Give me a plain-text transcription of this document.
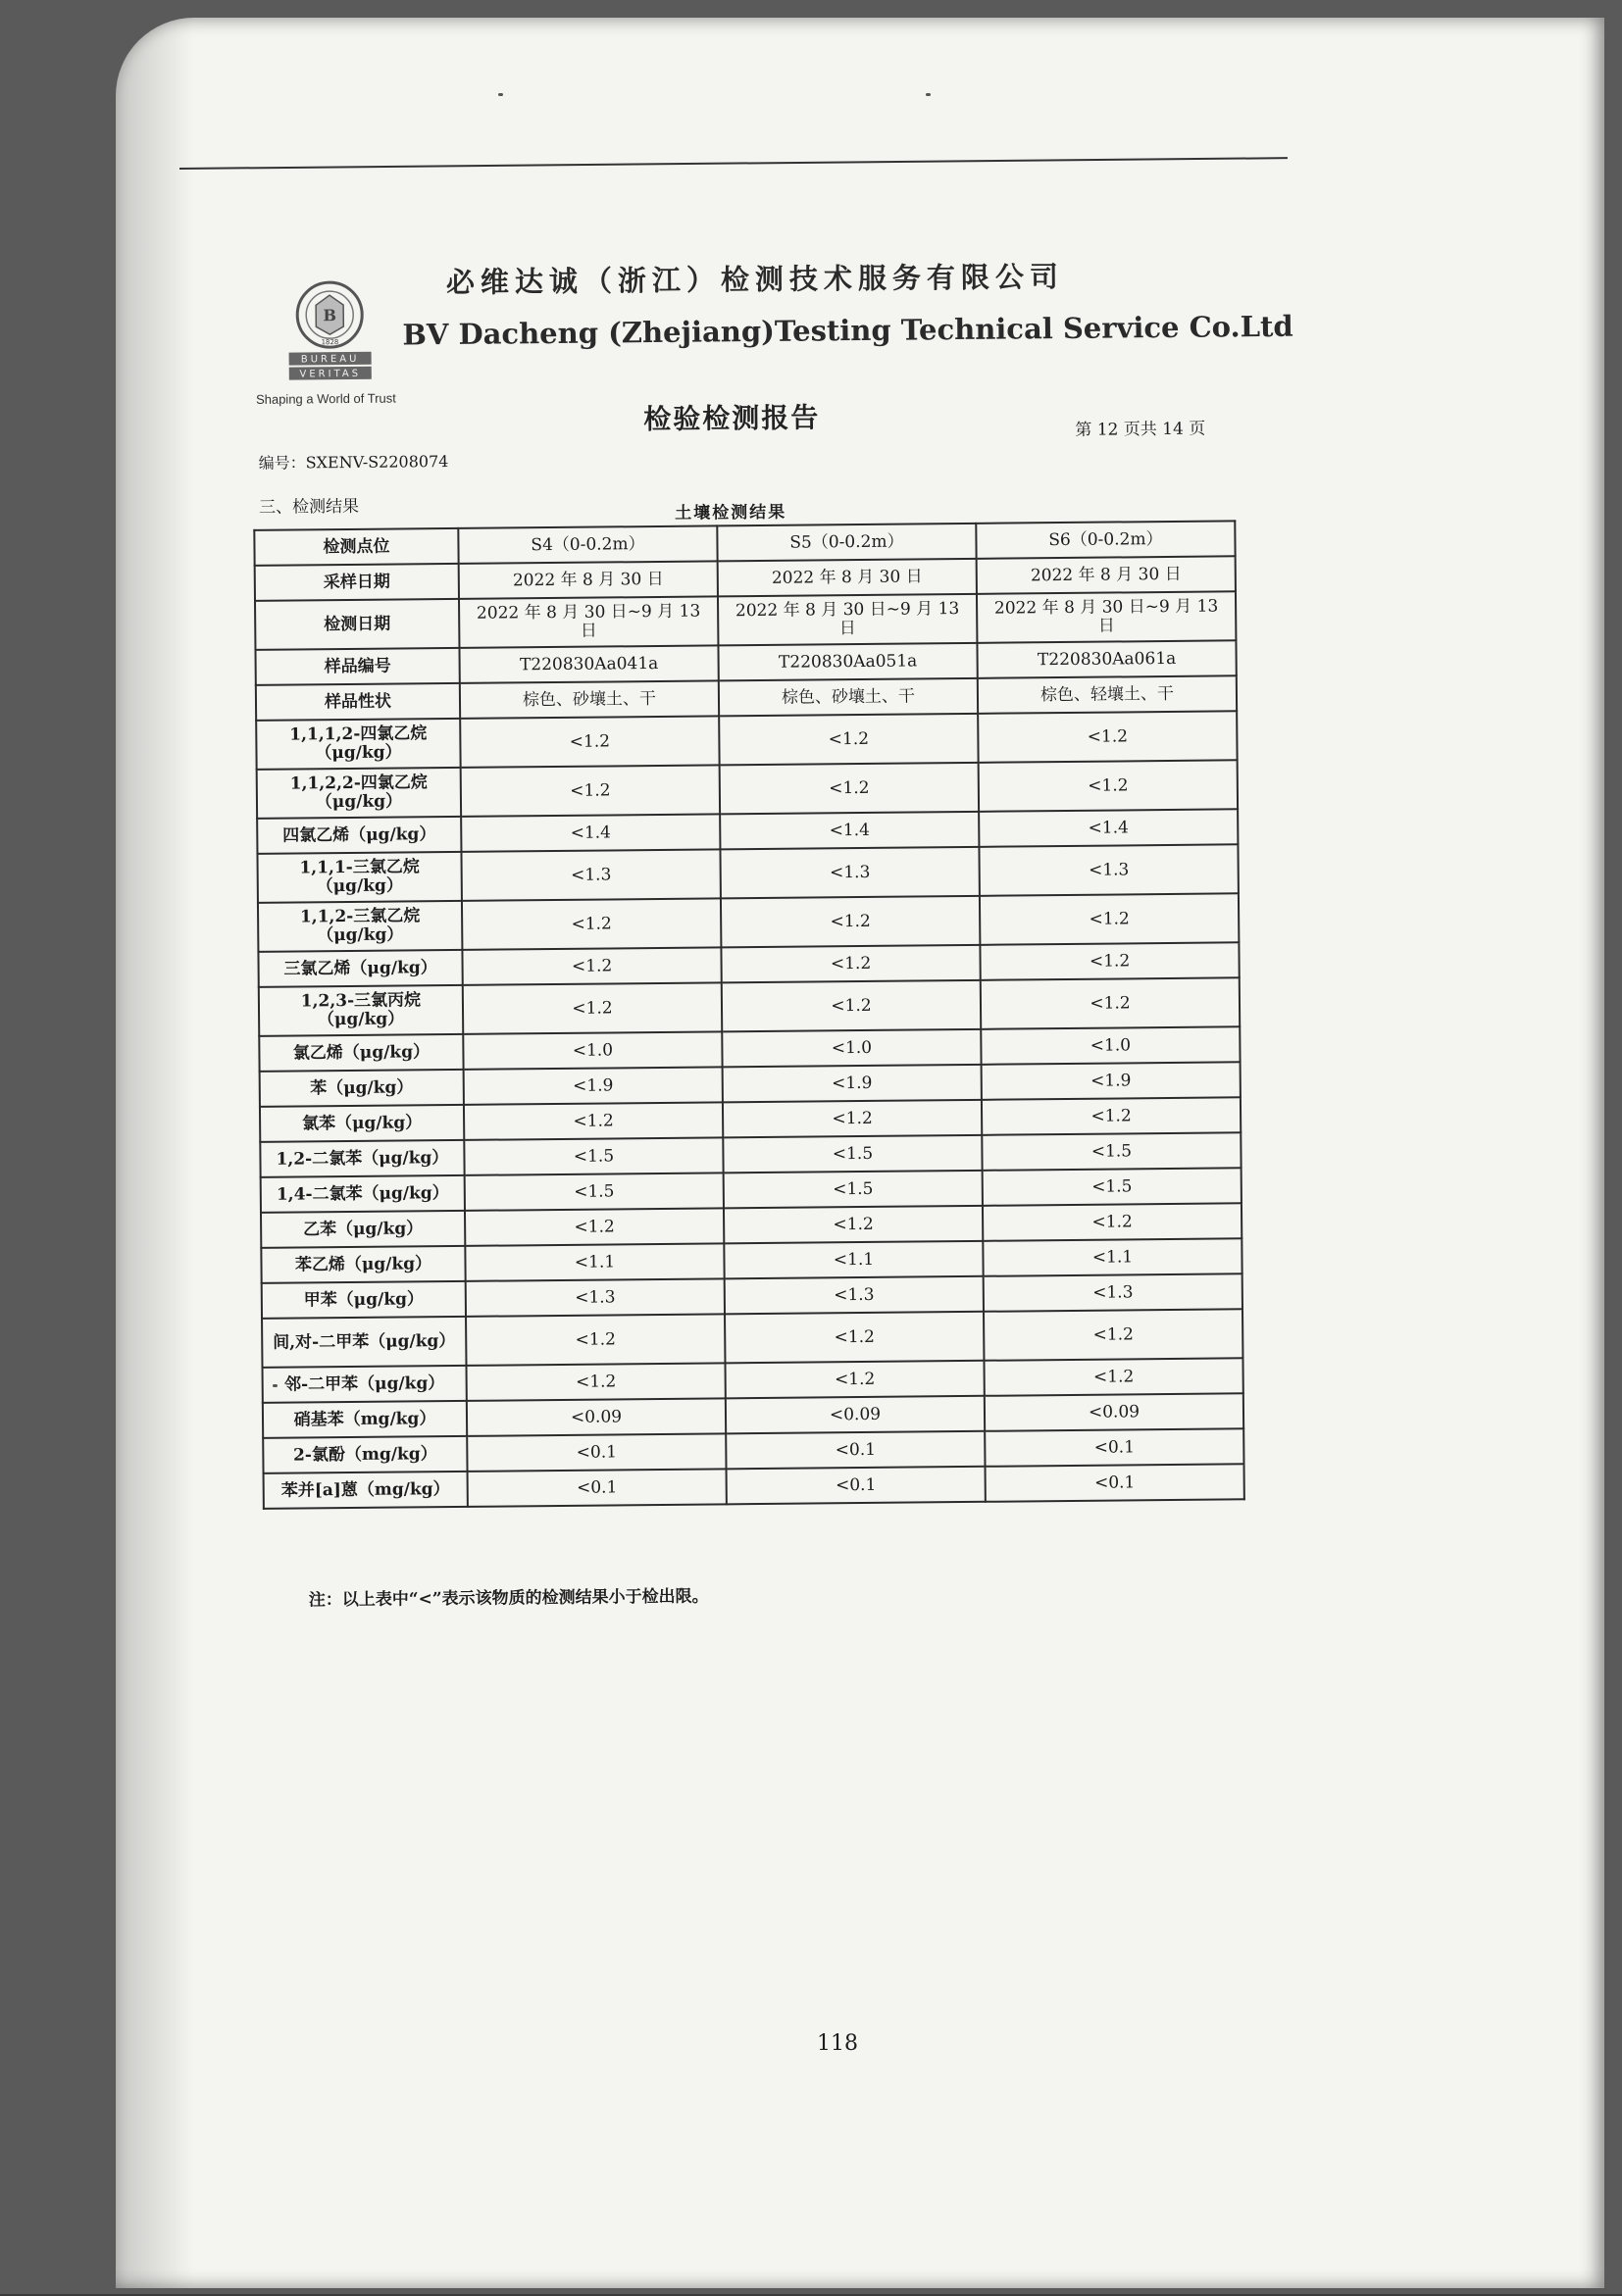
B
1828
BUREAU
VERITAS
Shaping a World of Trust
必维达诚（浙江）检测技术服务有限公司
BV Dacheng (Zhejiang)Testing Technical Service Co.Ltd
检验检测报告	第 12 页共 14 页
编号：SXENV-S2208074
三、检测结果	土壤检测结果
检测点位	S4（0-0.2m）	S5（0-0.2m）	S6（0-0.2m）
采样日期	2022 年 8 月 30 日	2022 年 8 月 30 日	2022 年 8 月 30 日
检测日期	2022 年 8 月 30 日~9 月 13 日	2022 年 8 月 30 日~9 月 13 日	2022 年 8 月 30 日~9 月 13 日
样品编号	T220830Aa041a	T220830Aa051a	T220830Aa061a
样品性状	棕色、砂壤土、干	棕色、砂壤土、干	棕色、轻壤土、干
1,1,1,2-四氯乙烷（μg/kg）	<1.2	<1.2	<1.2
1,1,2,2-四氯乙烷（μg/kg）	<1.2	<1.2	<1.2
四氯乙烯（μg/kg）	<1.4	<1.4	<1.4
1,1,1-三氯乙烷（μg/kg）	<1.3	<1.3	<1.3
1,1,2-三氯乙烷（μg/kg）	<1.2	<1.2	<1.2
三氯乙烯（μg/kg）	<1.2	<1.2	<1.2
1,2,3-三氯丙烷（μg/kg）	<1.2	<1.2	<1.2
氯乙烯（μg/kg）	<1.0	<1.0	<1.0
苯（μg/kg）	<1.9	<1.9	<1.9
氯苯（μg/kg）	<1.2	<1.2	<1.2
1,2-二氯苯（μg/kg）	<1.5	<1.5	<1.5
1,4-二氯苯（μg/kg）	<1.5	<1.5	<1.5
乙苯（μg/kg）	<1.2	<1.2	<1.2
苯乙烯（μg/kg）	<1.1	<1.1	<1.1
甲苯（μg/kg）	<1.3	<1.3	<1.3
间,对-二甲苯（μg/kg）	<1.2	<1.2	<1.2
邻-二甲苯（μg/kg）	<1.2	<1.2	<1.2
硝基苯（mg/kg）	<0.09	<0.09	<0.09
2-氯酚（mg/kg）	<0.1	<0.1	<0.1
苯并[a]蒽（mg/kg）	<0.1	<0.1	<0.1
注：以上表中“<”表示该物质的检测结果小于检出限。
118
